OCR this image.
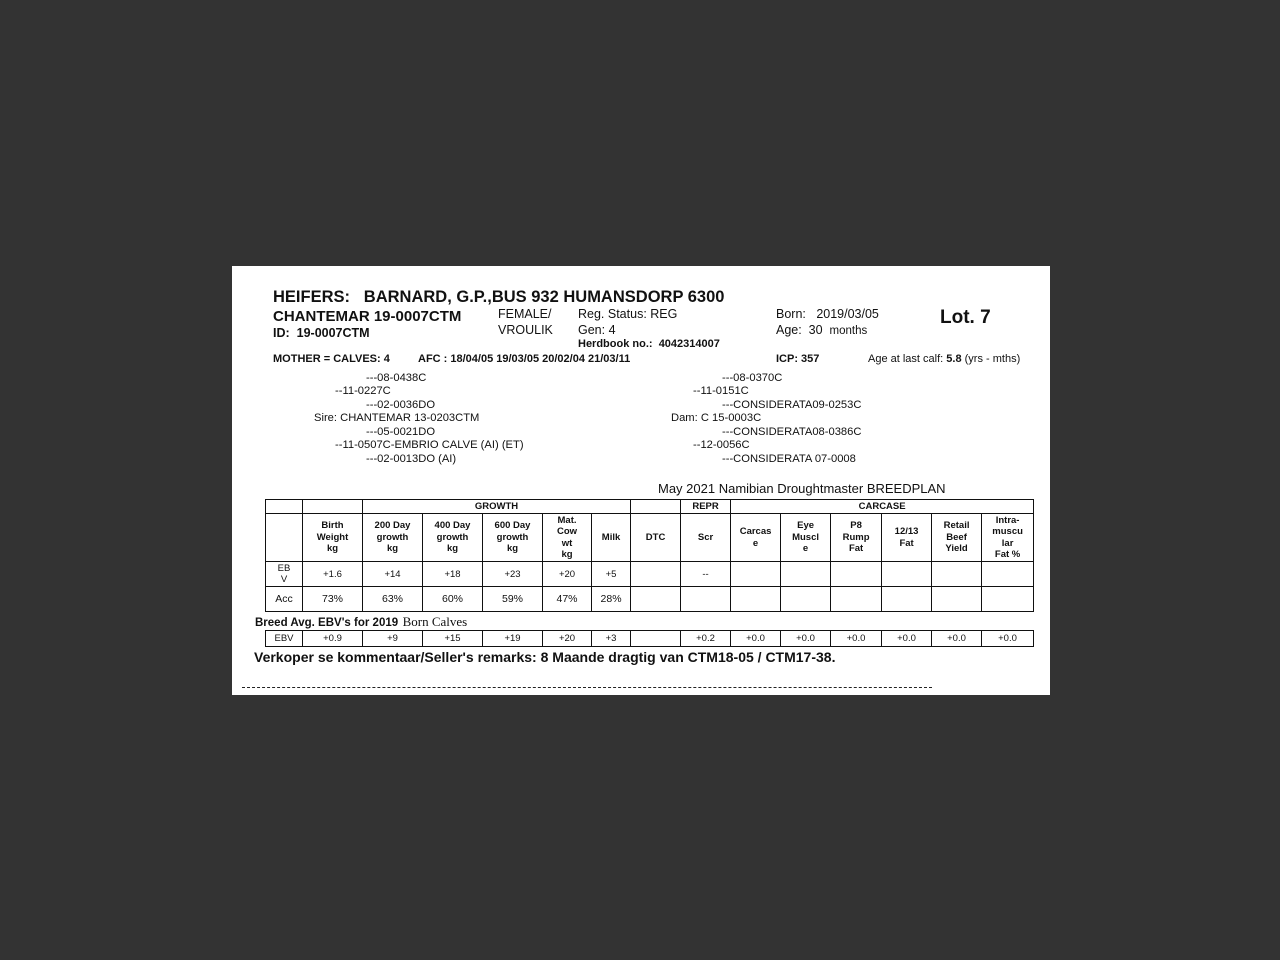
HEIFERS: BARNARD, G.P.,BUS 932 HUMANSDORP 6300
CHANTEMAR 19-0007CTM
ID: 19-0007CTM
FEMALE/
VROULIK
Reg. Status: REG
Gen: 4
Herdbook no.: 4042314007
Born: 2019/03/05
Age: 30 months
Lot. 7
MOTHER = CALVES: 4	AFC : 18/04/05 19/03/05 20/02/04 21/03/11	ICP: 357	Age at last calf: 5.8 (yrs - mths)
---08-0438C
--11-0227C
---02-0036DO
Sire: CHANTEMAR 13-0203CTM
---05-0021DO
--11-0507C-EMBRIO CALVE (AI) (ET)
---02-0013DO (AI)
---08-0370C
--11-0151C
---CONSIDERATA09-0253C
Dam: C 15-0003C
---CONSIDERATA08-0386C
--12-0056C
---CONSIDERATA 07-0008
May 2021 Namibian Droughtmaster BREEDPLAN
		GROWTH						REPR	CARCASE					
	Birth
Weight
kg	200 Day
growth
kg	400 Day
growth
kg	600 Day
growth
kg	Mat.
Cow
wt
kg	Milk	DTC	Scr	Carcas
e	Eye
Muscl
e	P8
Rump
Fat	12/13
Fat	Retail
Beef
Yield	Intra-
muscu
lar
Fat %
EB
V	+1.6	+14	+18	+23	+20	+5		--						
Acc	73%	63%	60%	59%	47%	28%								
Breed Avg. EBV's for 2019 Born Calves
EBV	+0.9	+9	+15	+19	+20	+3		+0.2	+0.0	+0.0	+0.0	+0.0	+0.0	+0.0
Verkoper se kommentaar/Seller's remarks: 8 Maande dragtig van CTM18-05 / CTM17-38.
